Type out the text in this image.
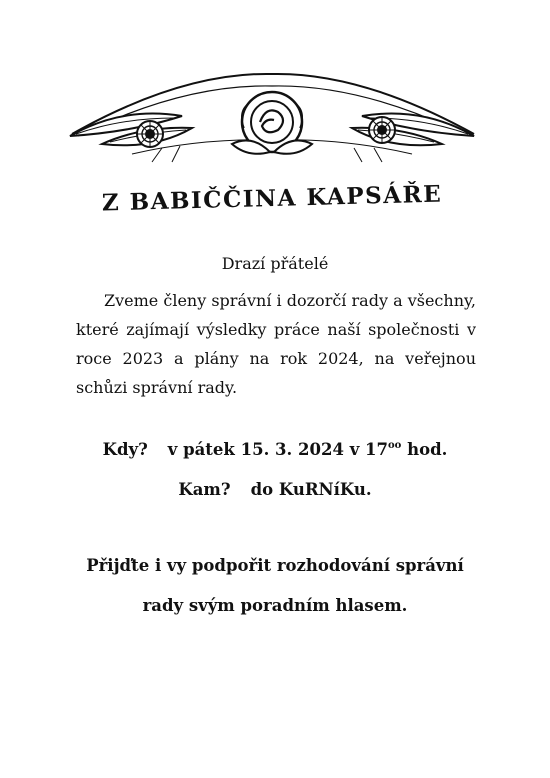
Z BABIČČINA KAPSÁŘE
Drazí přátelé

Zveme členy správní i dozorčí rady a všechny, které zajímají výsledky práce naší společnosti v roce 2023 a plány na rok 2024, na veřejnou schůzi správní rady.

Kdy? v pátek 15. 3. 2024 v $17^{oo}$ hod.
Kam? do KuRNíKu.
Přijďte i vy podpořit rozhodování správní
rady svým poradním hlasem.
